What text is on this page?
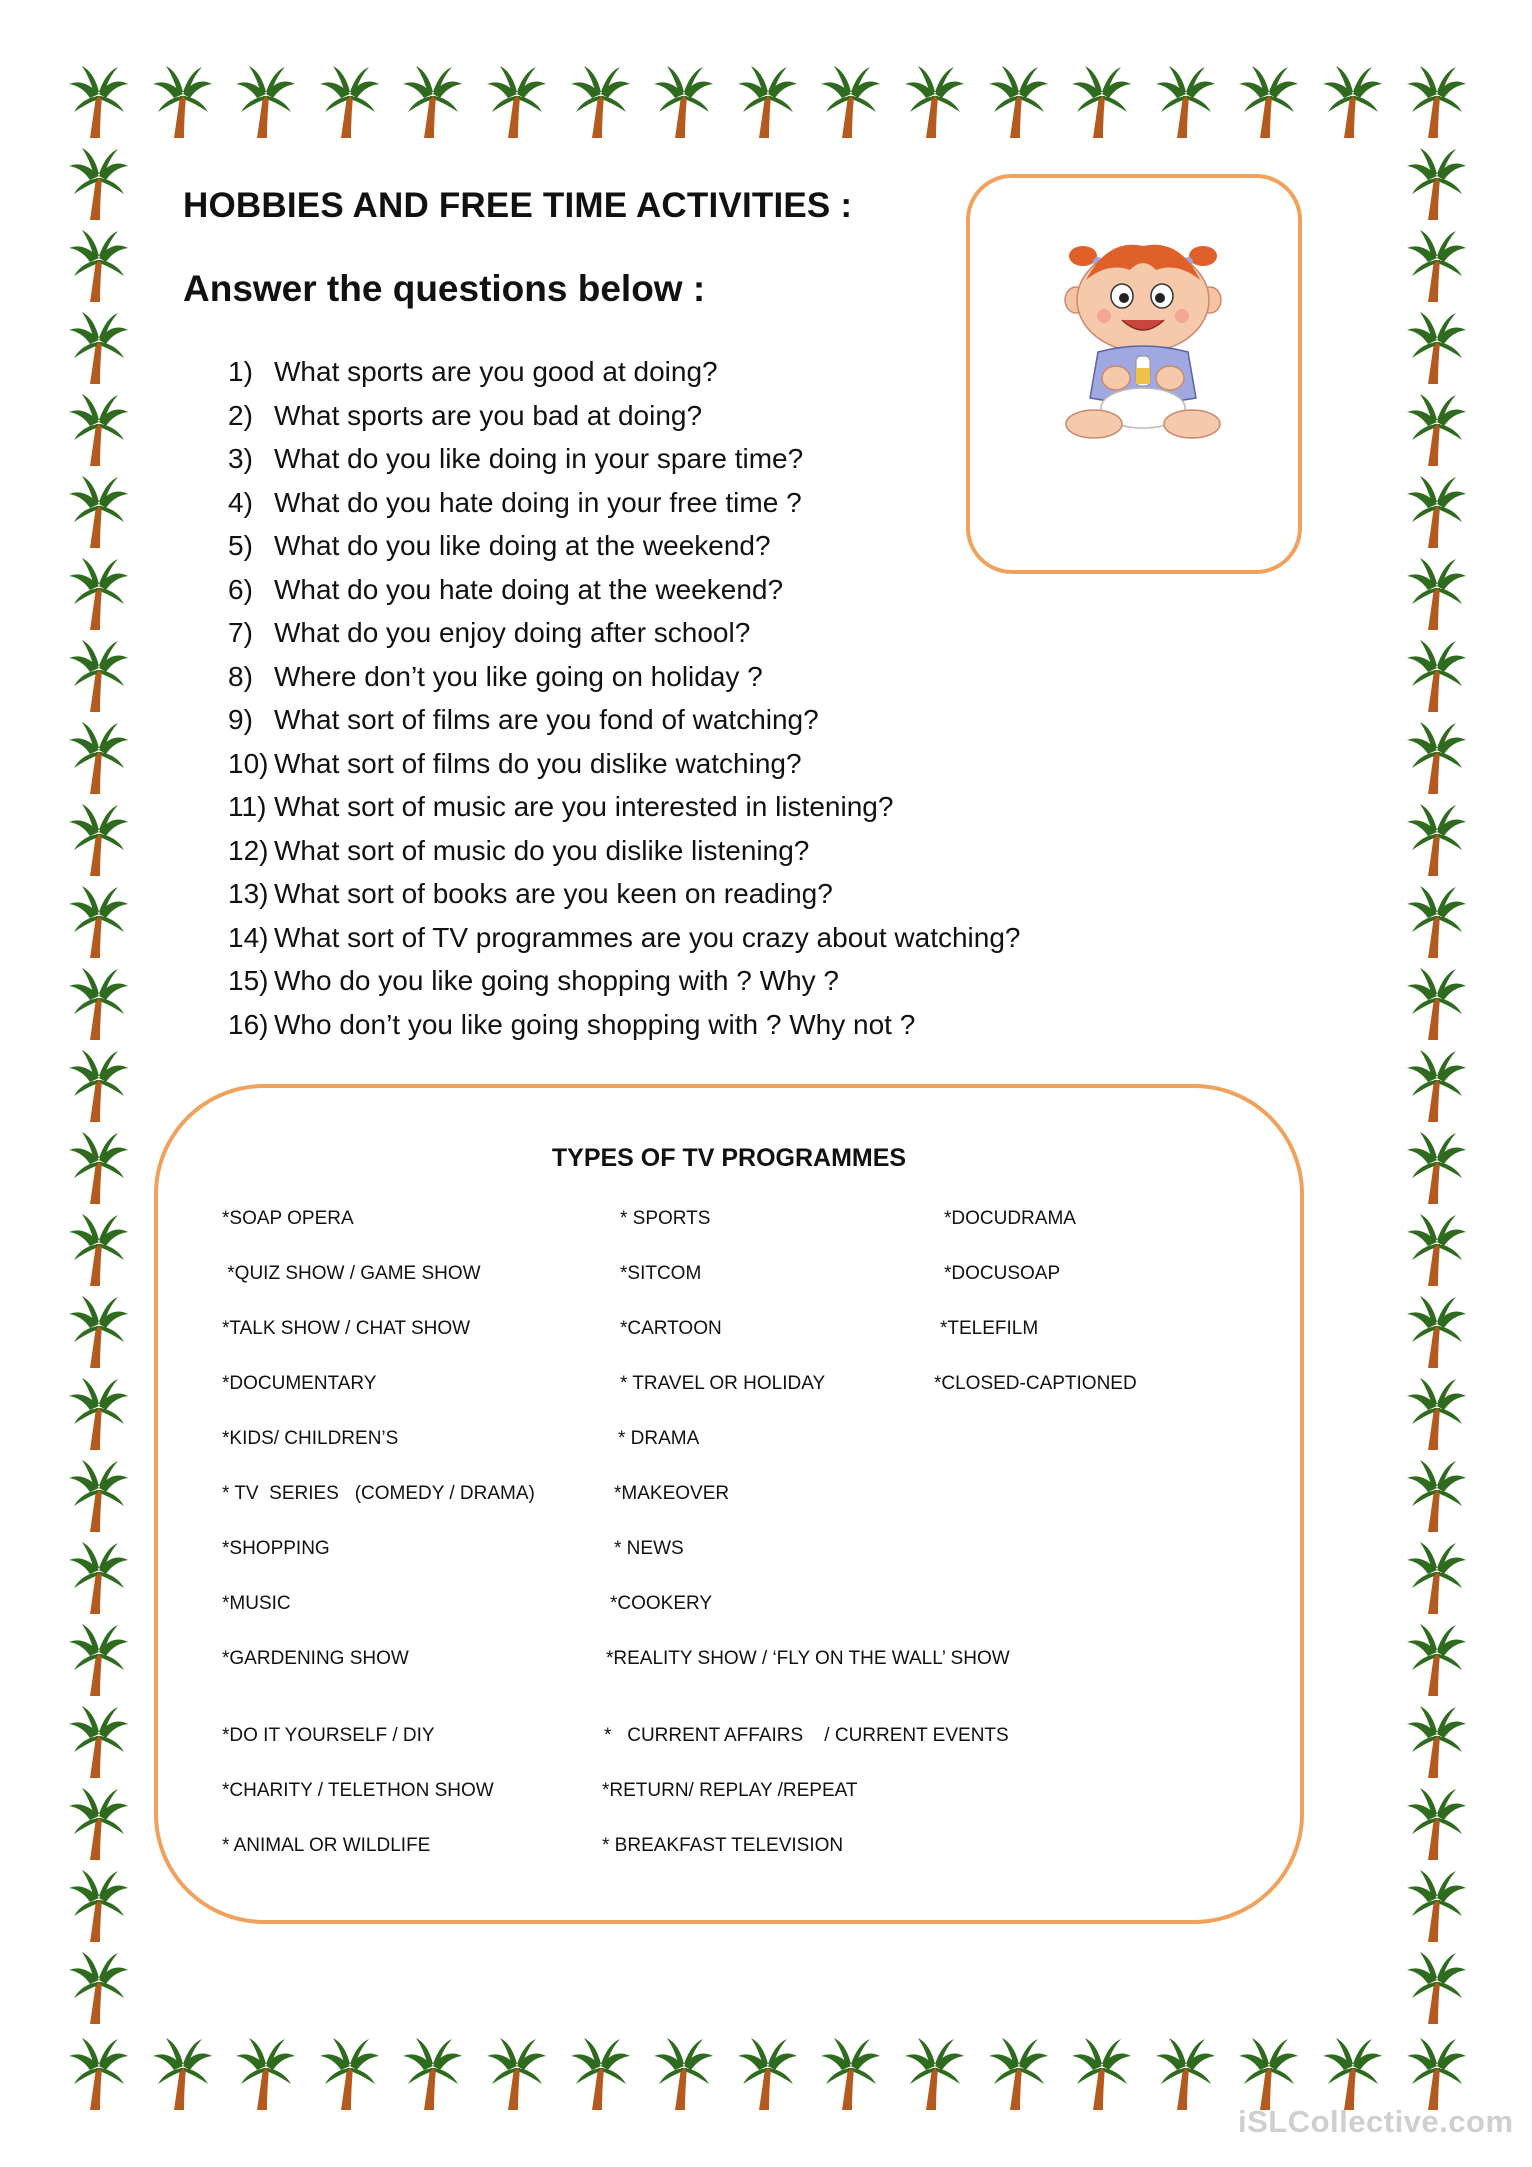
HOBBIES AND FREE TIME ACTIVITIES :
Answer the questions below :
1) What sports are you good at doing?
2) What sports are you bad at doing?
3) What do you like doing in your spare time?
4) What do you hate doing in your free time ?
5) What do you like doing at the weekend?
6) What do you hate doing at the weekend?
7) What do you enjoy doing after school?
8) Where don’t you like going on holiday ?
9) What sort of films are you fond of watching?
10) What sort of films do you dislike watching?
11) What sort of music are you interested in listening?
12) What sort of music do you dislike listening?
13) What sort of books are you keen on reading?
14) What sort of TV programmes are you crazy about watching?
15) Who do you like going shopping with ? Why ?
16) Who don’t you like going shopping with ? Why not ?
TYPES OF TV PROGRAMMES
*SOAP OPERA
*QUIZ SHOW / GAME SHOW
*TALK SHOW / CHAT SHOW
*DOCUMENTARY
*KIDS/ CHILDREN’S
* TV  SERIES   (COMEDY / DRAMA)
*SHOPPING
*MUSIC
*GARDENING SHOW
*DO IT YOURSELF / DIY
*CHARITY / TELETHON SHOW
* ANIMAL OR WILDLIFE
* SPORTS
*SITCOM
*CARTOON
* TRAVEL OR HOLIDAY
* DRAMA
*MAKEOVER
* NEWS
*COOKERY
*REALITY SHOW / ‘FLY ON THE WALL’ SHOW
*   CURRENT AFFAIRS    / CURRENT EVENTS
*RETURN/ REPLAY /REPEAT
* BREAKFAST TELEVISION
*DOCUDRAMA
*DOCUSOAP
*TELEFILM
*CLOSED-CAPTIONED
iSLCollective.com
